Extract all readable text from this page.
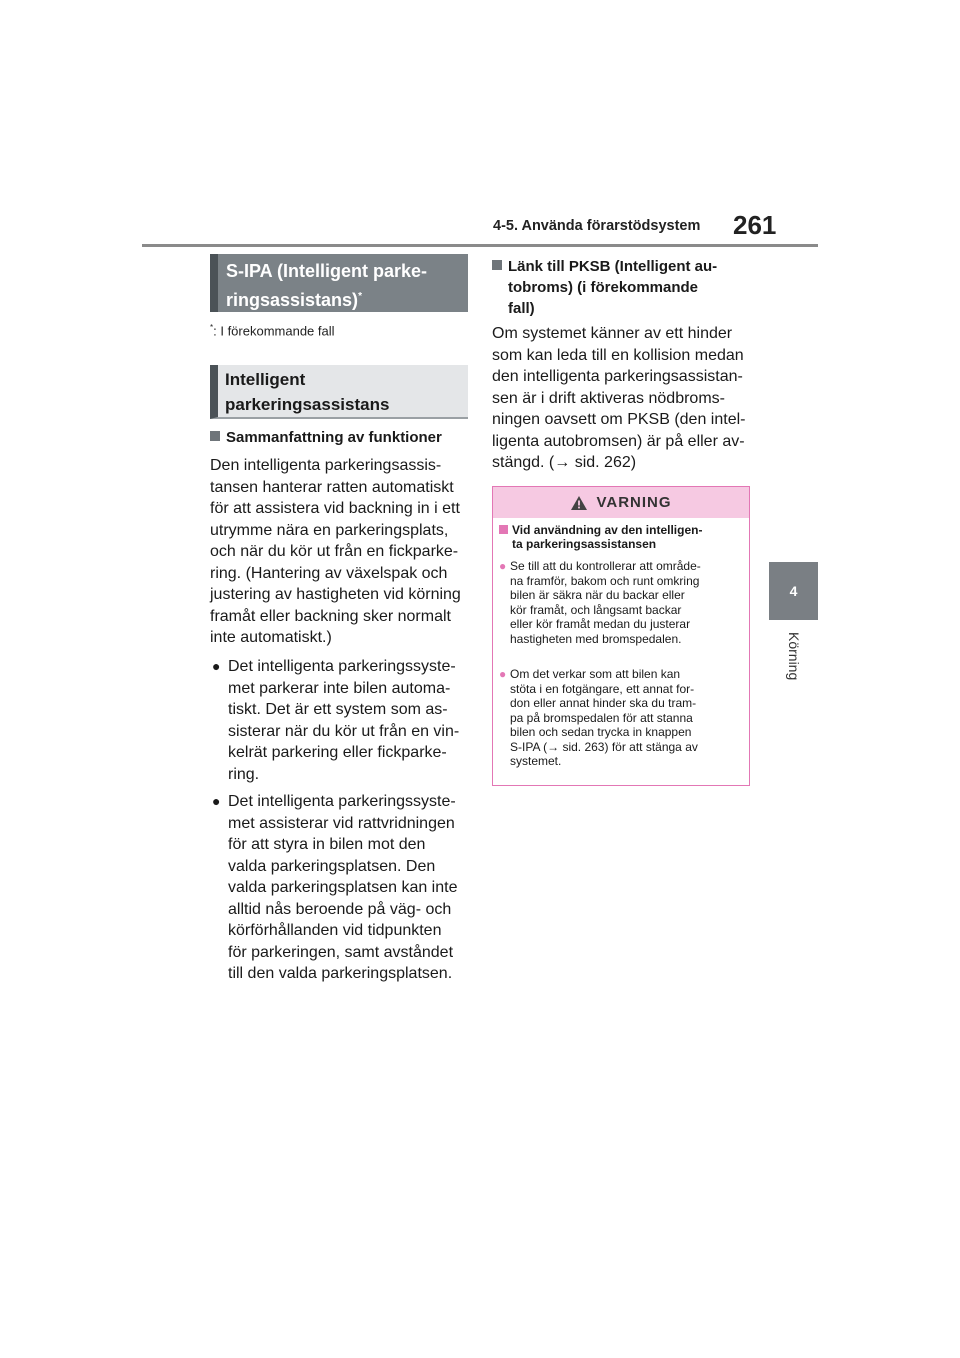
4-5. Använda förarstödsystem 261
4
Körning
S-IPA (Intelligent parke-
ringsassistans)*
*: I förekommande fall
Intelligent
parkeringsassistans
Sammanfattning av funktioner
Den intelligenta parkeringsassis-
tansen hanterar ratten automatiskt
för att assistera vid backning in i ett
utrymme nära en parkeringsplats,
och när du kör ut från en fickparke-
ring. (Hantering av växelspak och
justering av hastigheten vid körning
framåt eller backning sker normalt
inte automatiskt.)
● Det intelligenta parkeringssyste-
met parkerar inte bilen automa-
tiskt. Det är ett system som as-
sisterar när du kör ut från en vin-
kelrät parkering eller fickparke-
ring.
● Det intelligenta parkeringssyste-
met assisterar vid rattvridningen
för att styra in bilen mot den
valda parkeringsplatsen. Den
valda parkeringsplatsen kan inte
alltid nås beroende på väg- och
körförhållanden vid tidpunkten
för parkeringen, samt avståndet
till den valda parkeringsplatsen.
Länk till PKSB (Intelligent au-
tobroms) (i förekommande
fall)
Om systemet känner av ett hinder
som kan leda till en kollision medan
den intelligenta parkeringsassistan-
sen är i drift aktiveras nödbroms-
ningen oavsett om PKSB (den intel-
ligenta autobromsen) är på eller av-
stängd. (→ sid. 262)
VARNING
Vid användning av den intelligen-
ta parkeringsassistansen
● Se till att du kontrollerar att område-
na framför, bakom och runt omkring
bilen är säkra när du backar eller
kör framåt, och långsamt backar
eller kör framåt medan du justerar
hastigheten med bromspedalen.
● Om det verkar som att bilen kan
stöta i en fotgängare, ett annat for-
don eller annat hinder ska du tram-
pa på bromspedalen för att stanna
bilen och sedan trycka in knappen
S-IPA (→ sid. 263) för att stänga av
systemet.
